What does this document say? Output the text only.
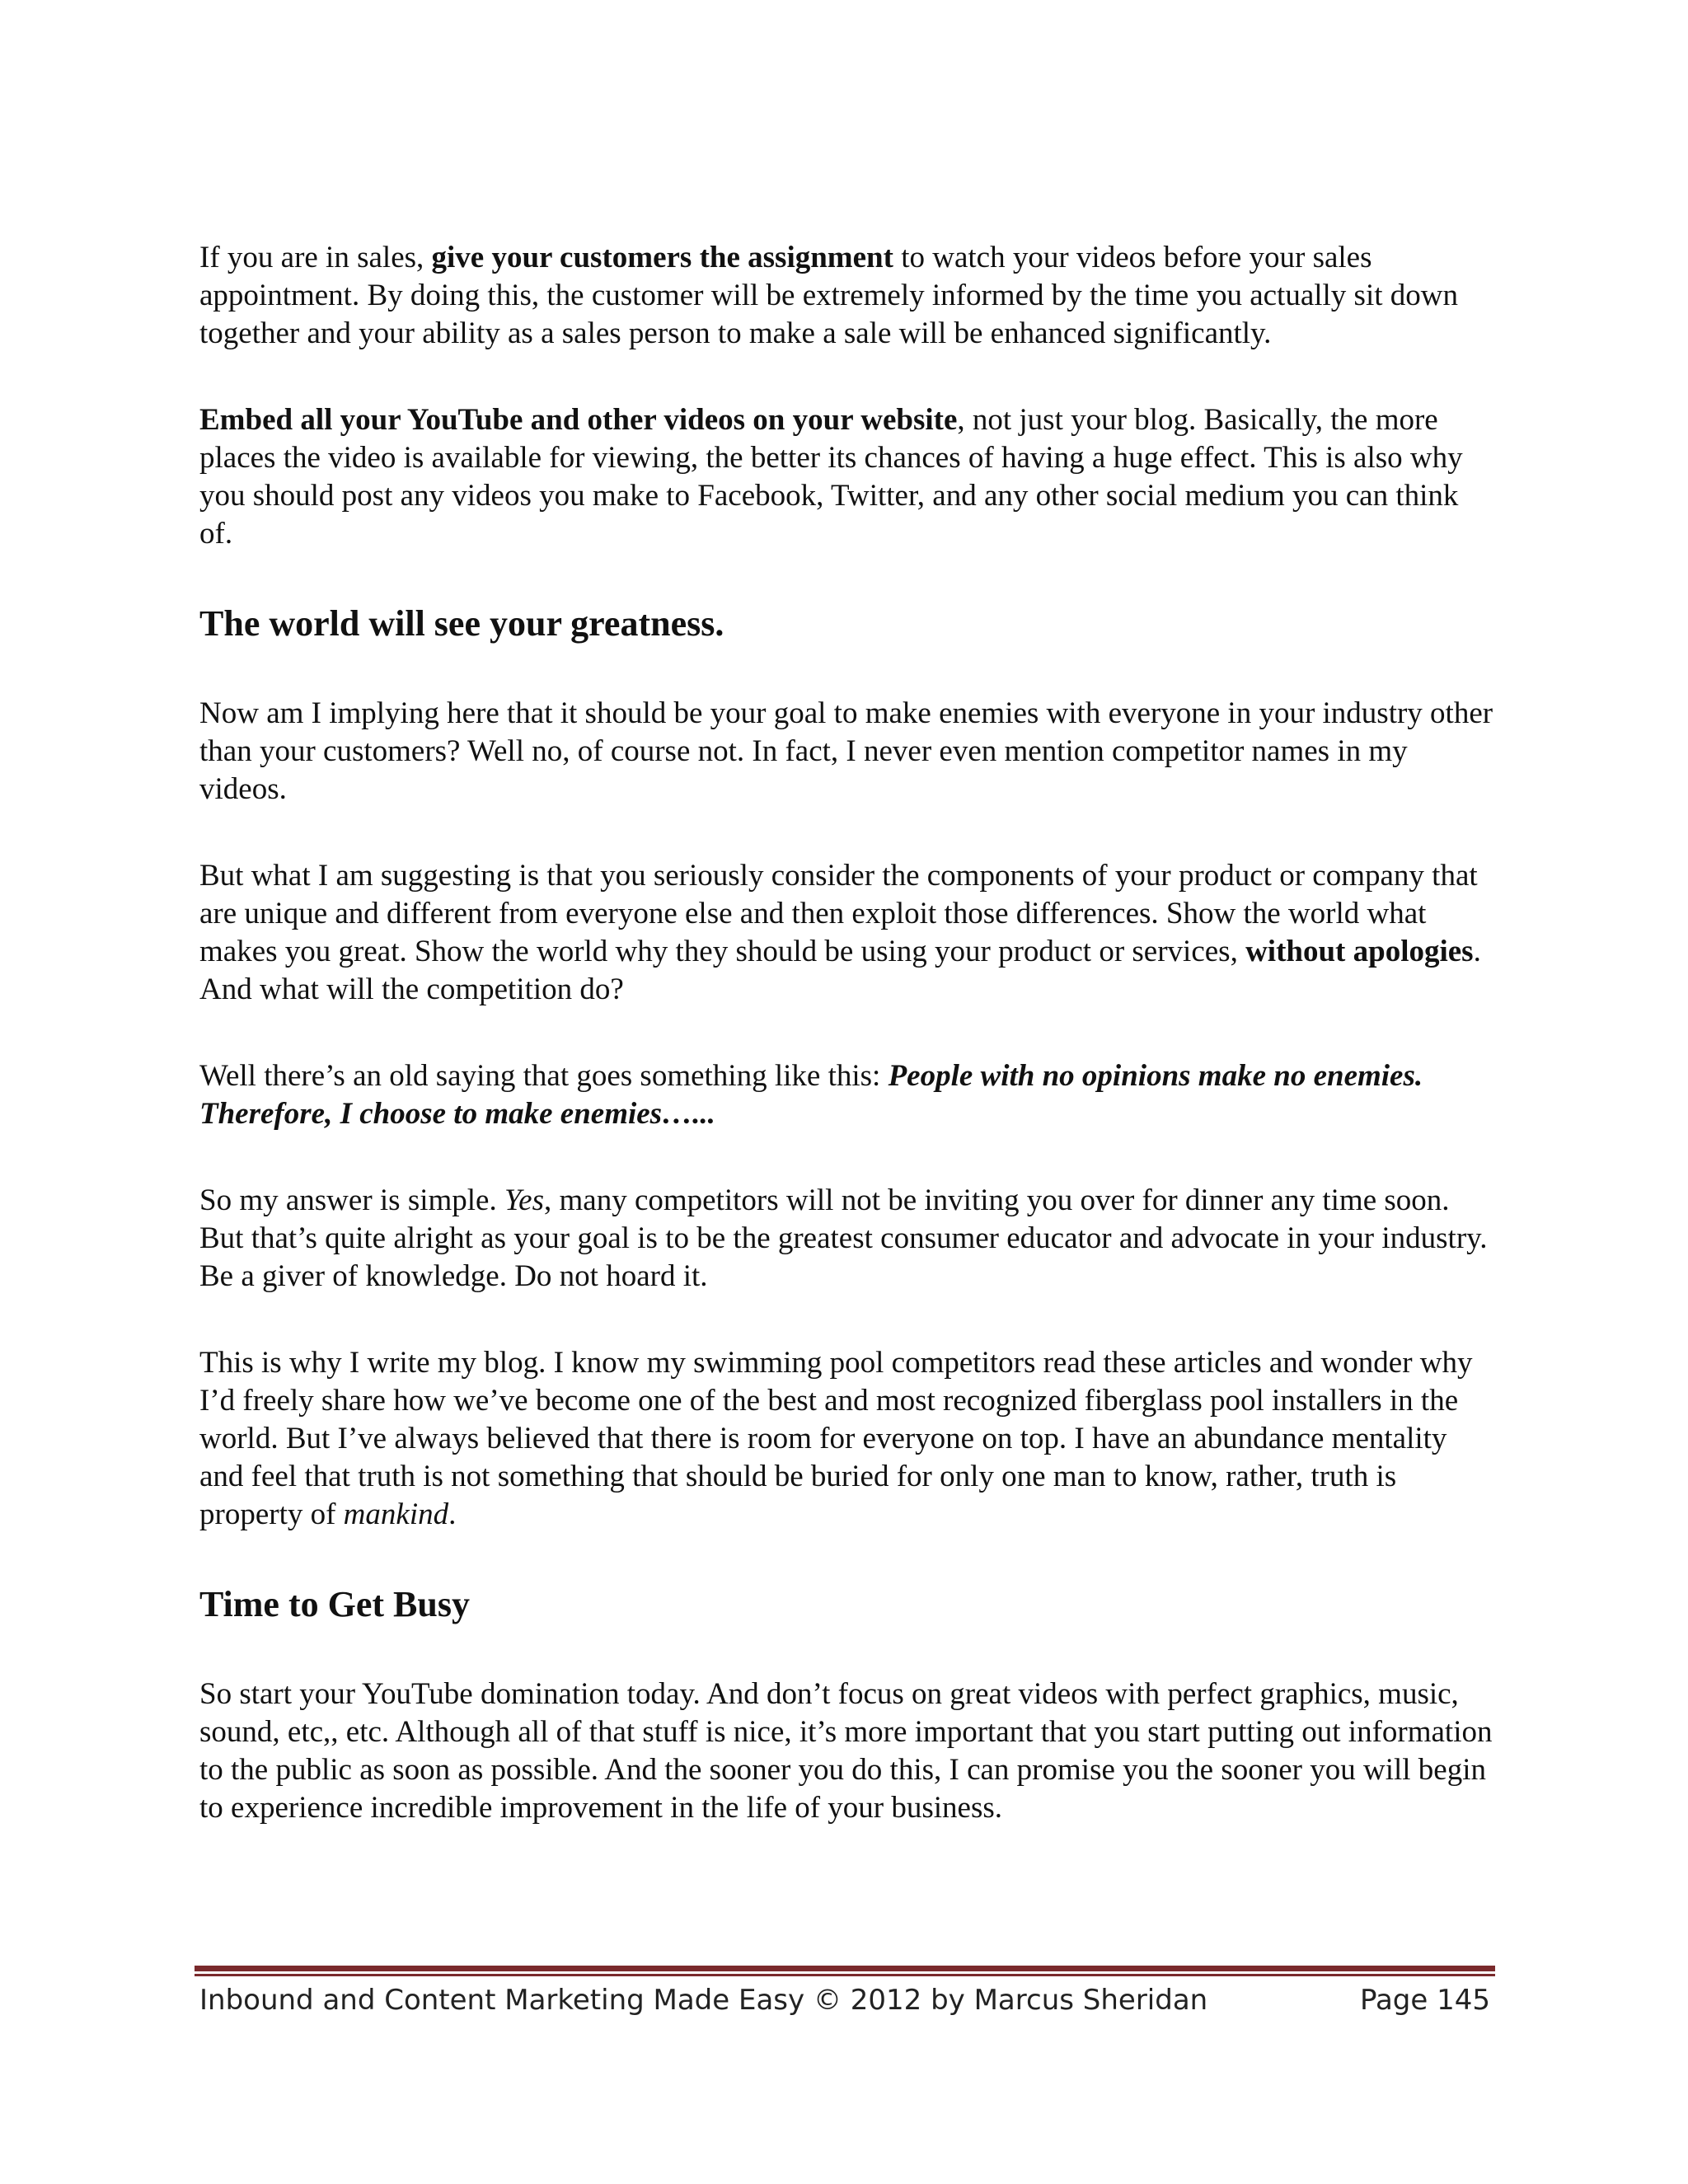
If you are in sales, give your customers the assignment to watch your videos before your sales appointment. By doing this, the customer will be extremely informed by the time you actually sit down together and your ability as a sales person to make a sale will be enhanced significantly.

Embed all your YouTube and other videos on your website, not just your blog. Basically, the more places the video is available for viewing, the better its chances of having a huge effect. This is also why you should post any videos you make to Facebook, Twitter, and any other social medium you can think of.

The world will see your greatness.

Now am I implying here that it should be your goal to make enemies with everyone in your industry other than your customers? Well no, of course not. In fact, I never even mention competitor names in my videos.

But what I am suggesting is that you seriously consider the components of your product or company that are unique and different from everyone else and then exploit those differences. Show the world what makes you great. Show the world why they should be using your product or services, without apologies. And what will the competition do?

Well there’s an old saying that goes something like this: People with no opinions make no enemies. Therefore, I choose to make enemies…...

So my answer is simple. Yes, many competitors will not be inviting you over for dinner any time soon. But that’s quite alright as your goal is to be the greatest consumer educator and advocate in your industry. Be a giver of knowledge. Do not hoard it.

This is why I write my blog. I know my swimming pool competitors read these articles and wonder why I’d freely share how we’ve become one of the best and most recognized fiberglass pool installers in the world. But I’ve always believed that there is room for everyone on top. I have an abundance mentality and feel that truth is not something that should be buried for only one man to know, rather, truth is property of mankind.

Time to Get Busy

So start your YouTube domination today. And don’t focus on great videos with perfect graphics, music, sound, etc,, etc. Although all of that stuff is nice, it’s more important that you start putting out information to the public as soon as possible. And the sooner you do this, I can promise you the sooner you will begin to experience incredible improvement in the life of your business.

Inbound and Content Marketing Made Easy © 2012 by Marcus Sheridan	Page 145
